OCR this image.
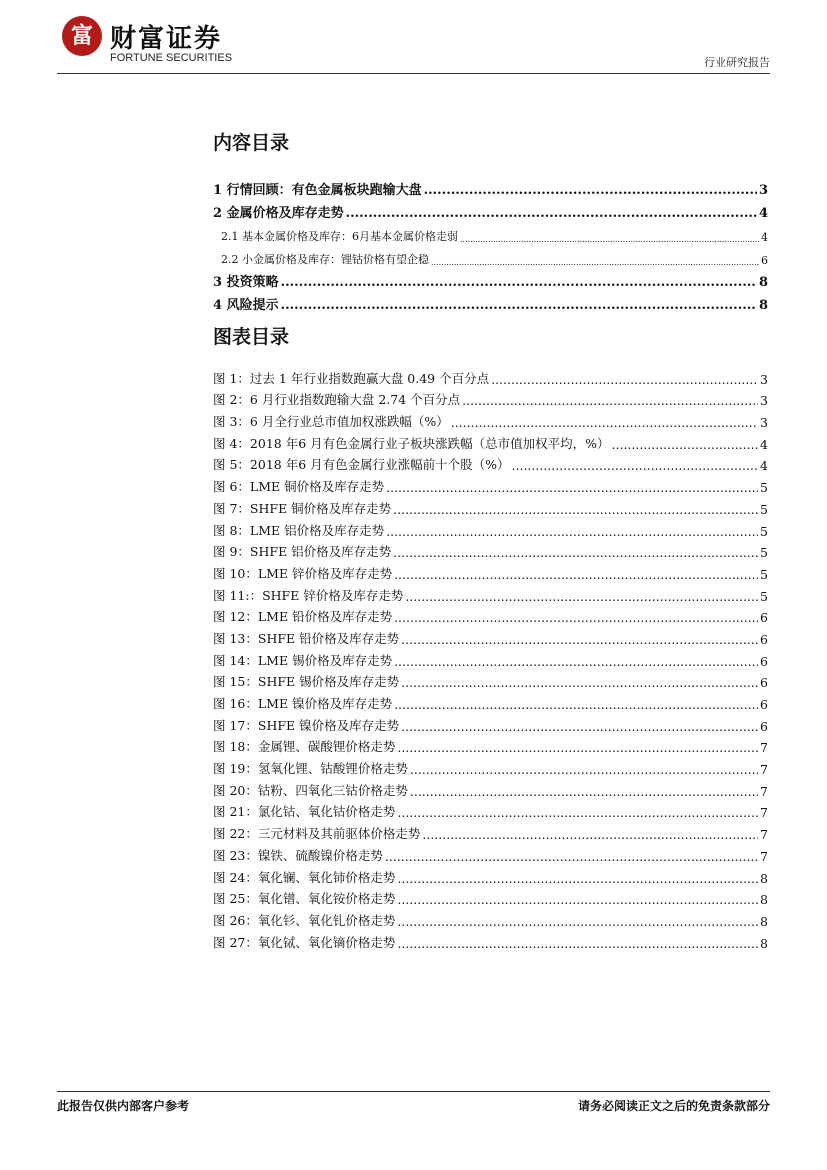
富 财富证券
FORTUNE SECURITIES	行业研究报告
内容目录
1 行情回顾：有色金属板块跑输大盘 .....	3
2 金属价格及库存走势 .....	4
2.1 基本金属价格及库存：6月基本金属价格走弱 .....	4
2.2 小金属价格及库存：锂钴价格有望企稳 .....	6
3 投资策略 .....	8
4 风险提示 .....	8
图表目录
图 1：过去 1 年行业指数跑赢大盘 0.49 个百分点 .....	3
图 2：6 月行业指数跑输大盘 2.74 个百分点 .....	3
图 3：6 月全行业总市值加权涨跌幅（%） .....	3
图 4：2018 年6 月有色金属行业子板块涨跌幅（总市值加权平均，%） .....	4
图 5：2018 年6 月有色金属行业涨幅前十个股（%） .....	4
图 6：LME 铜价格及库存走势 .....	5
图 7：SHFE 铜价格及库存走势 .....	5
图 8：LME 铝价格及库存走势 .....	5
图 9：SHFE 铝价格及库存走势 .....	5
图 10：LME 锌价格及库存走势 .....	5
图 11:：SHFE 锌价格及库存走势 .....	5
图 12：LME 铅价格及库存走势 .....	6
图 13：SHFE 铅价格及库存走势 .....	6
图 14：LME 锡价格及库存走势 .....	6
图 15：SHFE 锡价格及库存走势 .....	6
图 16：LME 镍价格及库存走势 .....	6
图 17：SHFE 镍价格及库存走势 .....	6
图 18：金属锂、碳酸锂价格走势 .....	7
图 19：氢氧化锂、钴酸锂价格走势 .....	7
图 20：钴粉、四氧化三钴价格走势 .....	7
图 21：氯化钴、氧化钴价格走势 .....	7
图 22：三元材料及其前驱体价格走势 .....	7
图 23：镍铁、硫酸镍价格走势 .....	7
图 24：氧化镧、氧化铈价格走势 .....	8
图 25：氧化镨、氧化铵价格走势 .....	8
图 26：氧化钐、氧化钆价格走势 .....	8
图 27：氧化铽、氧化镝价格走势 .....	8
此报告仅供内部客户参考	请务必阅读正文之后的免责条款部分
